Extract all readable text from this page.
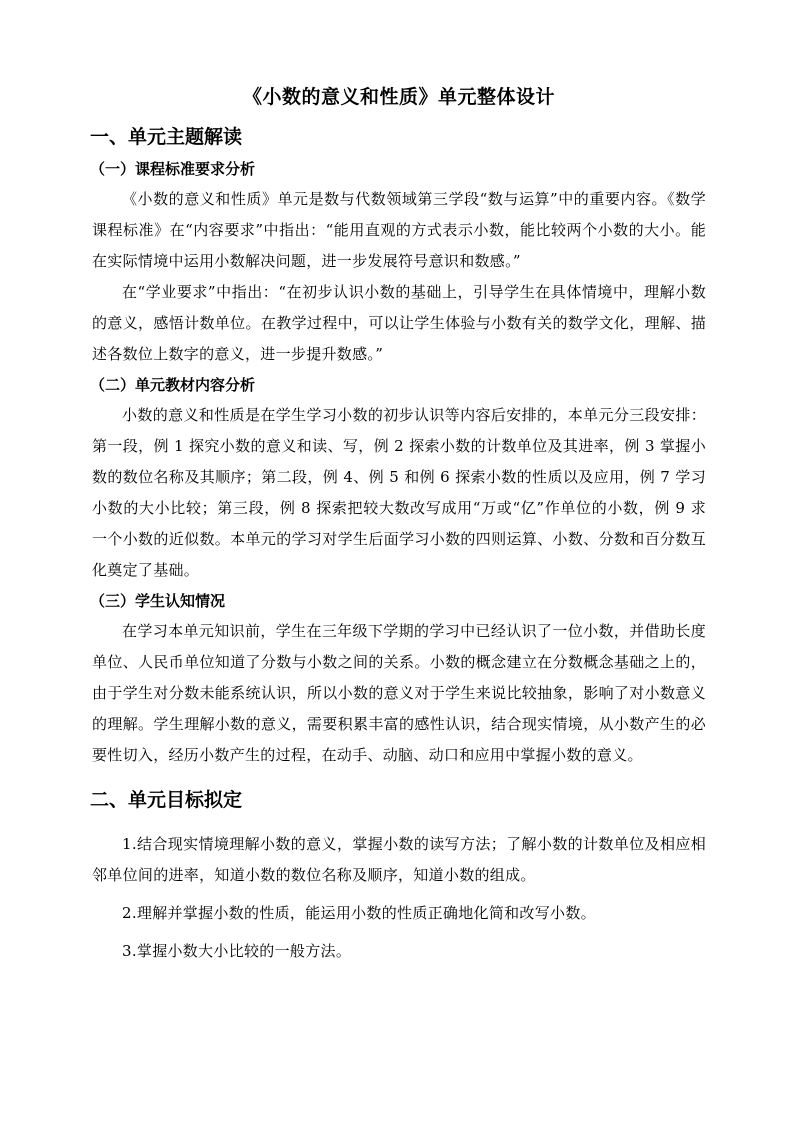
《小数的意义和性质》单元整体设计
一、单元主题解读
（一）课程标准要求分析

《小数的意义和性质》单元是数与代数领域第三学段“数与运算”中的重要内容。《数学课程标准》在“内容要求”中指出：“能用直观的方式表示小数，能比较两个小数的大小。能在实际情境中运用小数解决问题，进一步发展符号意识和数感。”

在“学业要求”中指出：“在初步认识小数的基础上，引导学生在具体情境中，理解小数的意义，感悟计数单位。在教学过程中，可以让学生体验与小数有关的数学文化，理解、描述各数位上数字的意义，进一步提升数感。”

（二）单元教材内容分析

小数的意义和性质是在学生学习小数的初步认识等内容后安排的，本单元分三段安排：第一段，例 1 探究小数的意义和读、写，例 2 探索小数的计数单位及其进率，例 3 掌握小数的数位名称及其顺序；第二段，例 4、例 5 和例 6 探索小数的性质以及应用，例 7 学习小数的大小比较；第三段，例 8 探索把较大数改写成用“万或“亿”作单位的小数，例 9 求一个小数的近似数。本单元的学习对学生后面学习小数的四则运算、小数、分数和百分数互化奠定了基础。

（三）学生认知情况

在学习本单元知识前，学生在三年级下学期的学习中已经认识了一位小数，并借助长度单位、人民币单位知道了分数与小数之间的关系。小数的概念建立在分数概念基础之上的，由于学生对分数未能系统认识，所以小数的意义对于学生来说比较抽象，影响了对小数意义的理解。学生理解小数的意义，需要积累丰富的感性认识，结合现实情境，从小数产生的必要性切入，经历小数产生的过程，在动手、动脑、动口和应用中掌握小数的意义。

二、单元目标拟定

1.结合现实情境理解小数的意义，掌握小数的读写方法；了解小数的计数单位及相应相邻单位间的进率，知道小数的数位名称及顺序，知道小数的组成。

2.理解并掌握小数的性质，能运用小数的性质正确地化简和改写小数。

3.掌握小数大小比较的一般方法。
